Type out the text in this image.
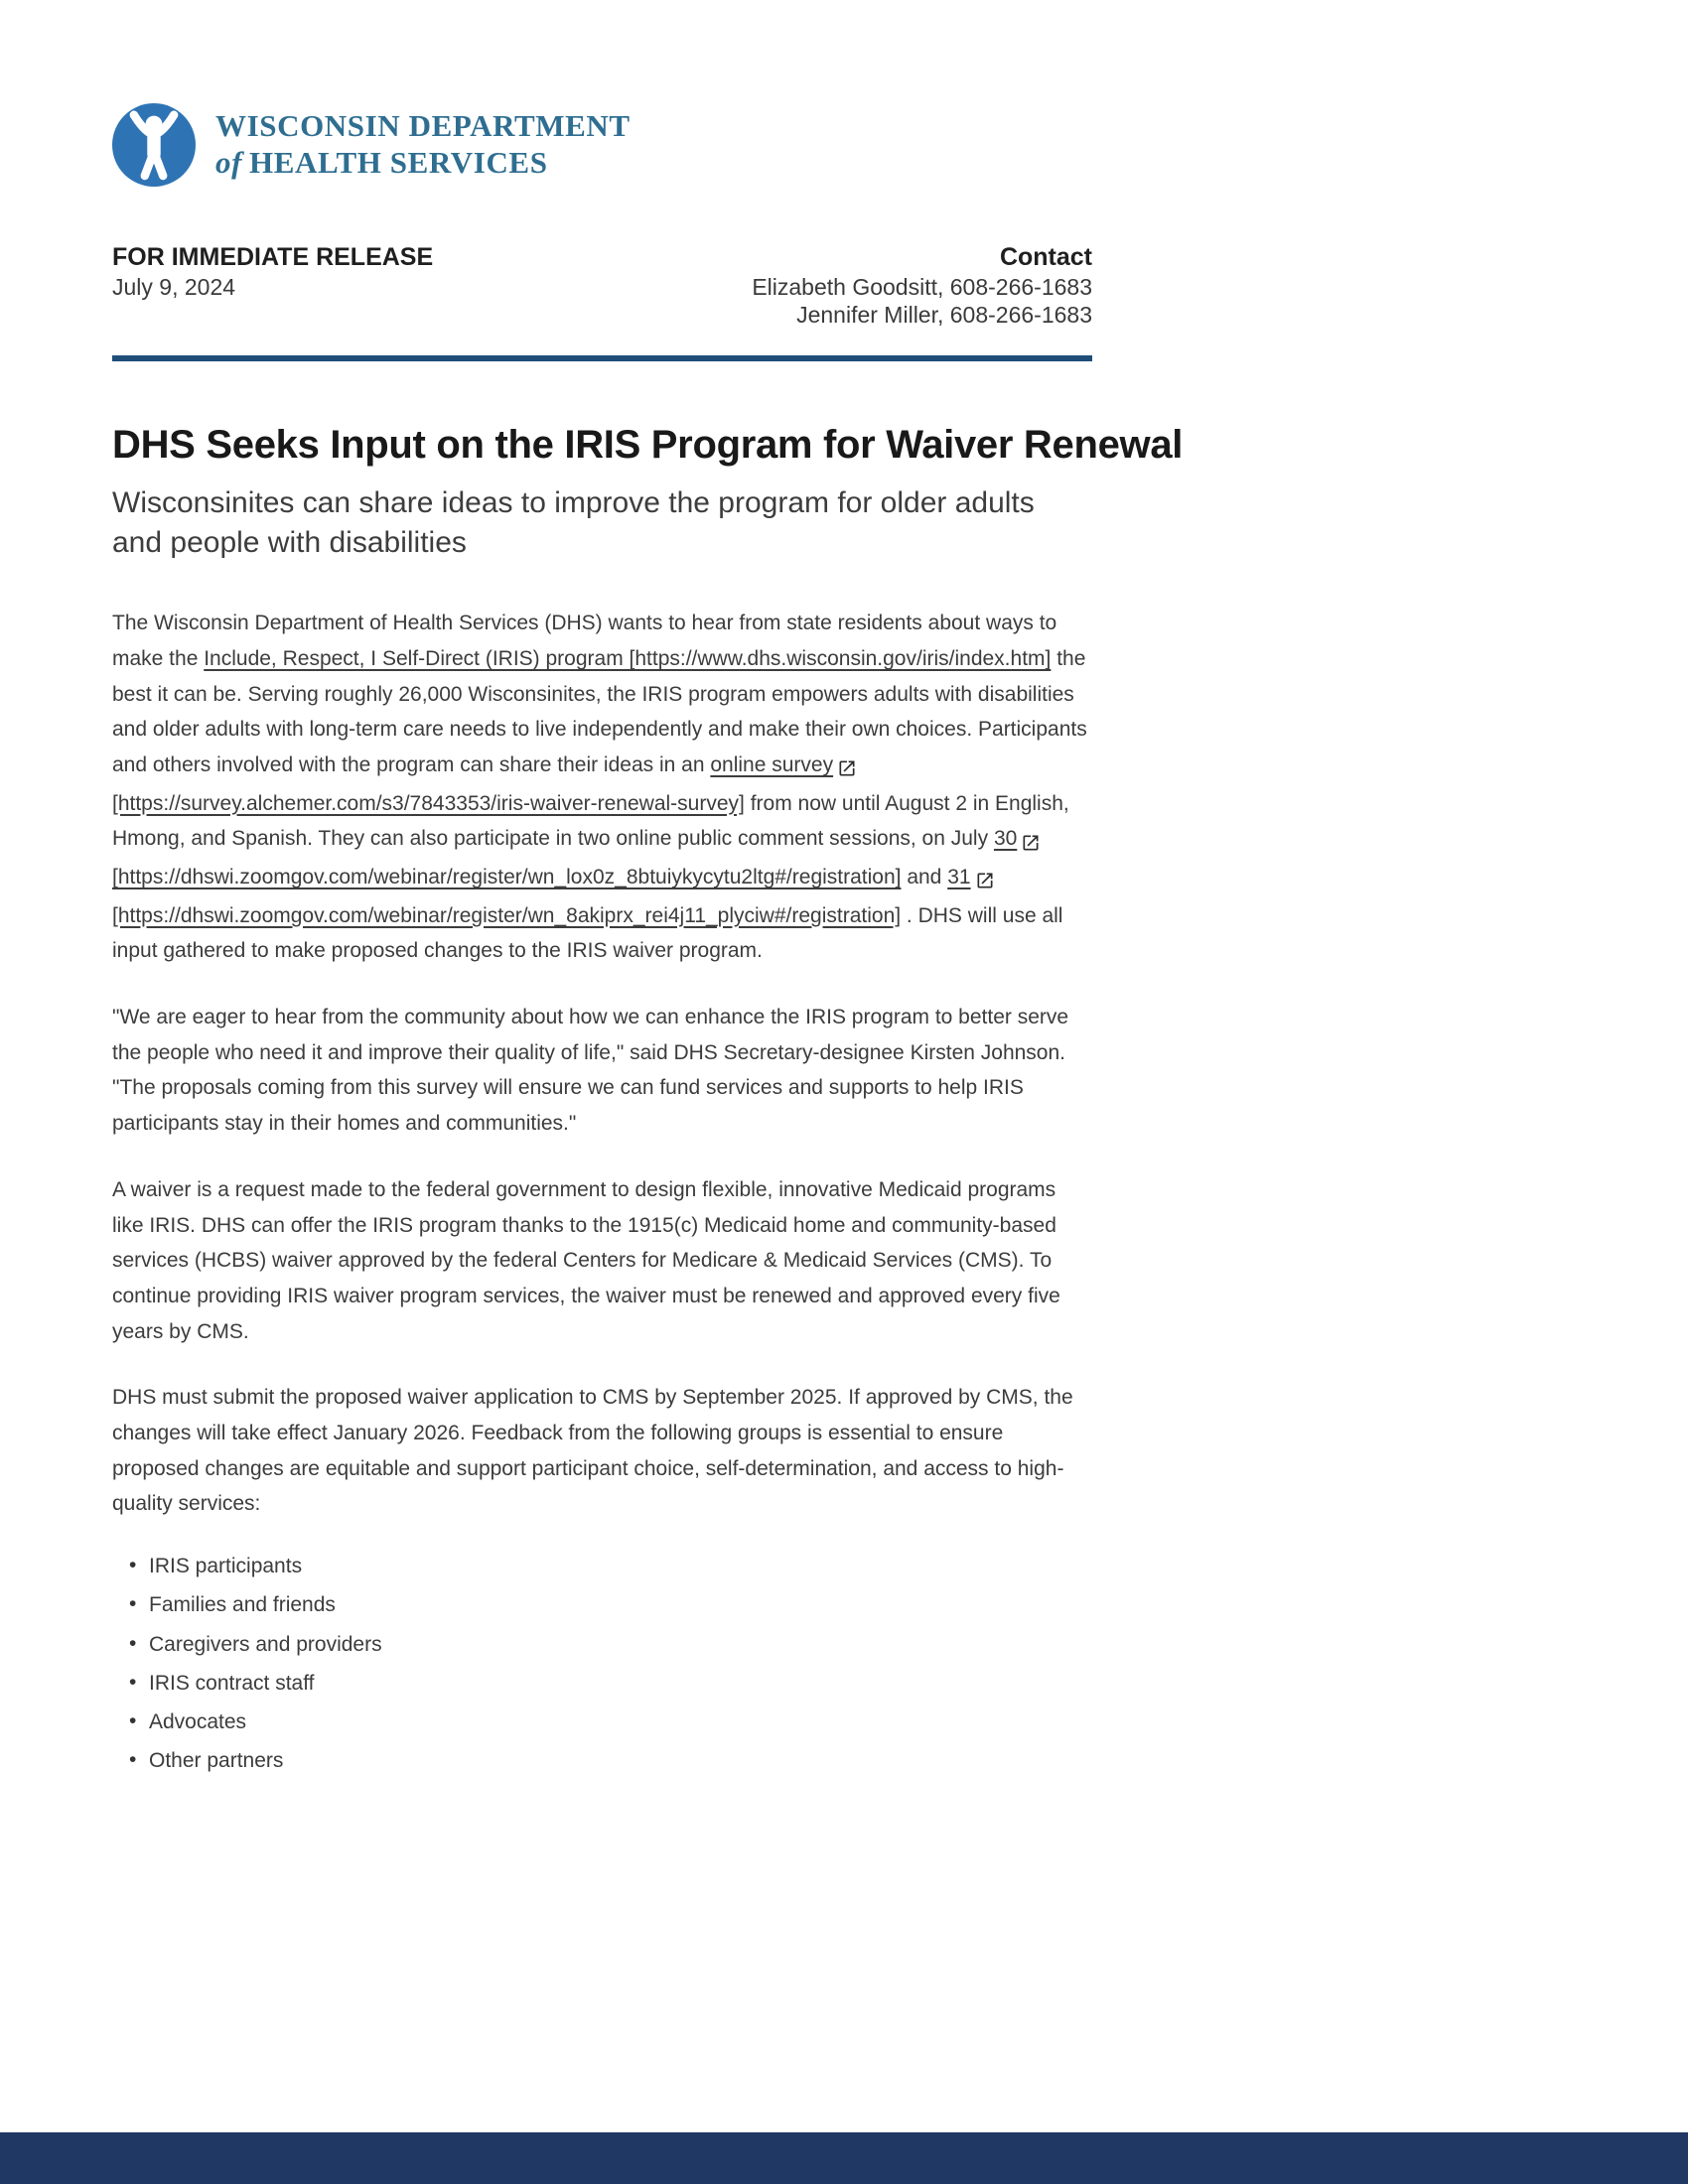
WISCONSIN DEPARTMENT
of HEALTH SERVICES
FOR IMMEDIATE RELEASE
July 9, 2024
Contact
Elizabeth Goodsitt, 608-266-1683
Jennifer Miller, 608-266-1683
DHS Seeks Input on the IRIS Program for Waiver Renewal
Wisconsinites can share ideas to improve the program for older adults and people with disabilities

The Wisconsin Department of Health Services (DHS) wants to hear from state residents about ways to make the Include, Respect, I Self-Direct (IRIS) program [https://www.dhs.wisconsin.gov/iris/index.htm] the best it can be. Serving roughly 26,000 Wisconsinites, the IRIS program empowers adults with disabilities and older adults with long-term care needs to live independently and make their own choices. Participants and others involved with the program can share their ideas in an online survey [https://survey.alchemer.com/s3/7843353/iris-waiver-renewal-survey] from now until August 2 in English, Hmong, and Spanish. They can also participate in two online public comment sessions, on July 30 [https://dhswi.zoomgov.com/webinar/register/wn_lox0z_8btuiykycytu2ltg#/registration] and 31 [https://dhswi.zoomgov.com/webinar/register/wn_8akiprx_rei4j11_plyciw#/registration] . DHS will use all input gathered to make proposed changes to the IRIS waiver program.

"We are eager to hear from the community about how we can enhance the IRIS program to better serve the people who need it and improve their quality of life," said DHS Secretary-designee Kirsten Johnson. "The proposals coming from this survey will ensure we can fund services and supports to help IRIS participants stay in their homes and communities."

A waiver is a request made to the federal government to design flexible, innovative Medicaid programs like IRIS. DHS can offer the IRIS program thanks to the 1915(c) Medicaid home and community-based services (HCBS) waiver approved by the federal Centers for Medicare & Medicaid Services (CMS). To continue providing IRIS waiver program services, the waiver must be renewed and approved every five years by CMS.

DHS must submit the proposed waiver application to CMS by September 2025. If approved by CMS, the changes will take effect January 2026. Feedback from the following groups is essential to ensure proposed changes are equitable and support participant choice, self-determination, and access to high-quality services:

• IRIS participants
• Families and friends
• Caregivers and providers
• IRIS contract staff
• Advocates
• Other partners
